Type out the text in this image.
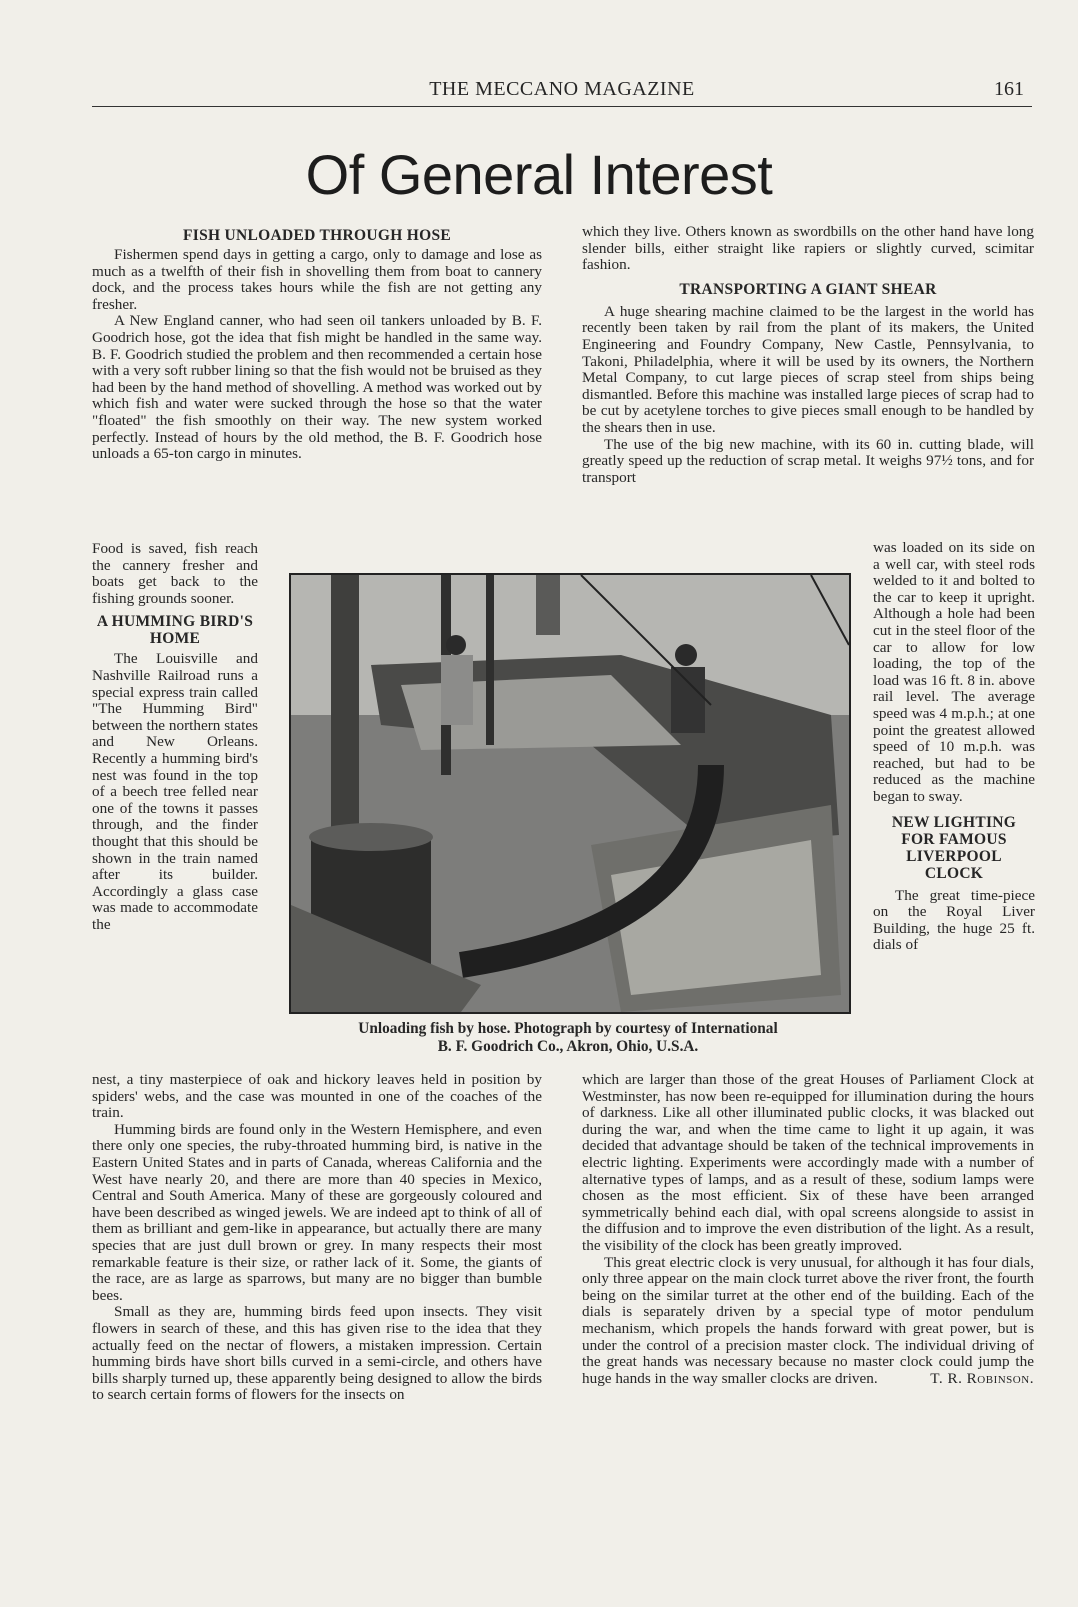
THE MECCANO MAGAZINE	161
Of General Interest
FISH UNLOADED THROUGH HOSE

Fishermen spend days in getting a cargo, only to damage and lose as much as a twelfth of their fish in shovelling them from boat to cannery dock, and the process takes hours while the fish are not getting any fresher.

A New England canner, who had seen oil tankers unloaded by B. F. Goodrich hose, got the idea that fish might be handled in the same way. B. F. Goodrich studied the problem and then recommended a certain hose with a very soft rubber lining so that the fish would not be bruised as they had been by the hand method of shovelling. A method was worked out by which fish and water were sucked through the hose so that the water "floated" the fish smoothly on their way. The new system worked perfectly. Instead of hours by the old method, the B. F. Goodrich hose unloads a 65-ton cargo in minutes.

Food is saved, fish reach the cannery fresher and boats get back to the fishing grounds sooner.

A HUMMING BIRD'S HOME

The Louisville and Nashville Railroad runs a special express train called "The Humming Bird" between the northern states and New Orleans. Recently a humming bird's nest was found in the top of a beech tree felled near one of the towns it passes through, and the finder thought that this should be shown in the train named after its builder. Accordingly a glass case was made to accommodate the

nest, a tiny masterpiece of oak and hickory leaves held in position by spiders' webs, and the case was mounted in one of the coaches of the train.

Humming birds are found only in the Western Hemisphere, and even there only one species, the ruby-throated humming bird, is native in the Eastern United States and in parts of Canada, whereas California and the West have nearly 20, and there are more than 40 species in Mexico, Central and South America. Many of these are gorgeously coloured and have been described as winged jewels. We are indeed apt to think of all of them as brilliant and gem-like in appearance, but actually there are many species that are just dull brown or grey. In many respects their most remarkable feature is their size, or rather lack of it. Some, the giants of the race, are as large as sparrows, but many are no bigger than bumble bees.

Small as they are, humming birds feed upon insects. They visit flowers in search of these, and this has given rise to the idea that they actually feed on the nectar of flowers, a mistaken impression. Certain humming birds have short bills curved in a semi-circle, and others have bills sharply turned up, these apparently being designed to allow the birds to search certain forms of flowers for the insects on

which they live. Others known as swordbills on the other hand have long slender bills, either straight like rapiers or slightly curved, scimitar fashion.

TRANSPORTING A GIANT SHEAR

A huge shearing machine claimed to be the largest in the world has recently been taken by rail from the plant of its makers, the United Engineering and Foundry Company, New Castle, Pennsylvania, to Takoni, Philadelphia, where it will be used by its owners, the Northern Metal Company, to cut large pieces of scrap steel from ships being dismantled. Before this machine was installed large pieces of scrap had to be cut by acetylene torches to give pieces small enough to be handled by the shears then in use.

The use of the big new machine, with its 60 in. cutting blade, will greatly speed up the reduction of scrap metal. It weighs 97½ tons, and for transport

was loaded on its side on a well car, with steel rods welded to it and bolted to the car to keep it upright. Although a hole had been cut in the steel floor of the car to allow for low loading, the top of the load was 16 ft. 8 in. above rail level. The average speed was 4 m.p.h.; at one point the greatest allowed speed of 10 m.p.h. was reached, but had to be reduced as the machine began to sway.

NEW LIGHTING FOR FAMOUS LIVERPOOL CLOCK

The great time-piece on the Royal Liver Building, the huge 25 ft. dials of

which are larger than those of the great Houses of Parliament Clock at Westminster, has now been re-equipped for illumination during the hours of darkness. Like all other illuminated public clocks, it was blacked out during the war, and when the time came to light it up again, it was decided that advantage should be taken of the technical improvements in electric lighting. Experiments were accordingly made with a number of alternative types of lamps, and as a result of these, sodium lamps were chosen as the most efficient. Six of these have been arranged symmetrically behind each dial, with opal screens alongside to assist in the diffusion and to improve the even distribution of the light. As a result, the visibility of the clock has been greatly improved.

This great electric clock is very unusual, for although it has four dials, only three appear on the main clock turret above the river front, the fourth being on the similar turret at the other end of the building. Each of the dials is separately driven by a special type of motor pendulum mechanism, which propels the hands forward with great power, but is under the control of a precision master clock. The individual driving of the great hands was necessary because no master clock could jump the huge hands in the way smaller clocks are driven.	T. R. Robinson.

Unloading fish by hose. Photograph by courtesy of International
B. F. Goodrich Co., Akron, Ohio, U.S.A.
